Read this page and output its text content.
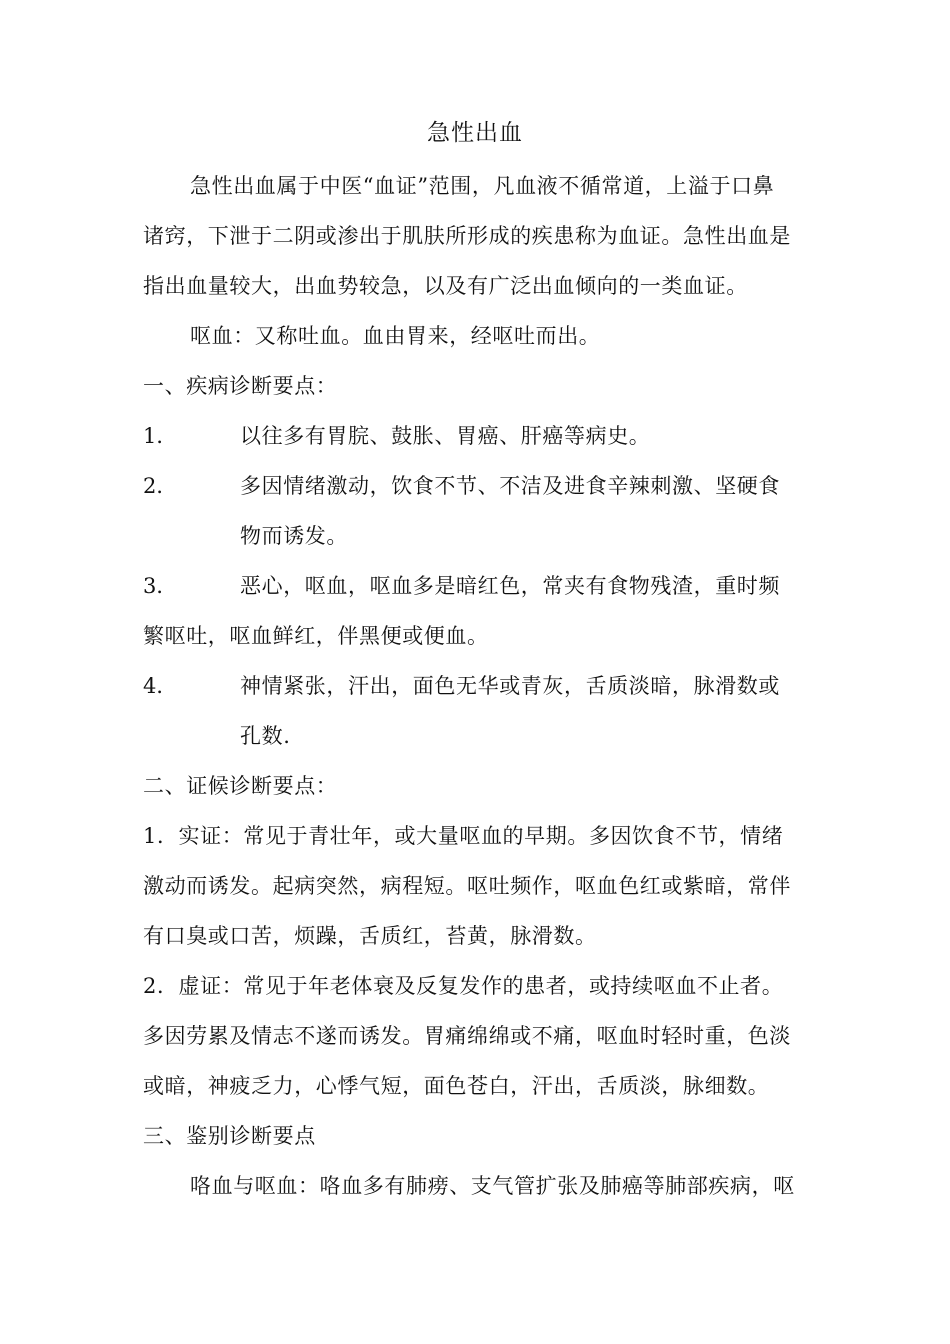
急性出血
急性出血属于中医“血证”范围，凡血液不循常道，上溢于口鼻
诸窍，下泄于二阴或渗出于肌肤所形成的疾患称为血证。急性出血是
指出血量较大，出血势较急，以及有广泛出血倾向的一类血证。
呕血：又称吐血。血由胃来，经呕吐而出。
一、疾病诊断要点：
1．	以往多有胃脘、鼓胀、胃癌、肝癌等病史。
2．	多因情绪激动，饮食不节、不洁及进食辛辣刺激、坚硬食
物而诱发。
3．	恶心，呕血，呕血多是暗红色，常夹有食物残渣，重时频
繁呕吐，呕血鲜红，伴黑便或便血。
4．	神情紧张，汗出，面色无华或青灰，舌质淡暗，脉滑数或
孔数.
二、证候诊断要点：
1．实证：常见于青壮年，或大量呕血的早期。多因饮食不节，情绪
激动而诱发。起病突然，病程短。呕吐频作，呕血色红或紫暗，常伴
有口臭或口苦，烦躁，舌质红，苔黄，脉滑数。
2．虚证：常见于年老体衰及反复发作的患者，或持续呕血不止者。
多因劳累及情志不遂而诱发。胃痛绵绵或不痛，呕血时轻时重，色淡
或暗，神疲乏力，心悸气短，面色苍白，汗出，舌质淡，脉细数。
三、鉴别诊断要点
咯血与呕血：咯血多有肺痨、支气管扩张及肺癌等肺部疾病，呕
